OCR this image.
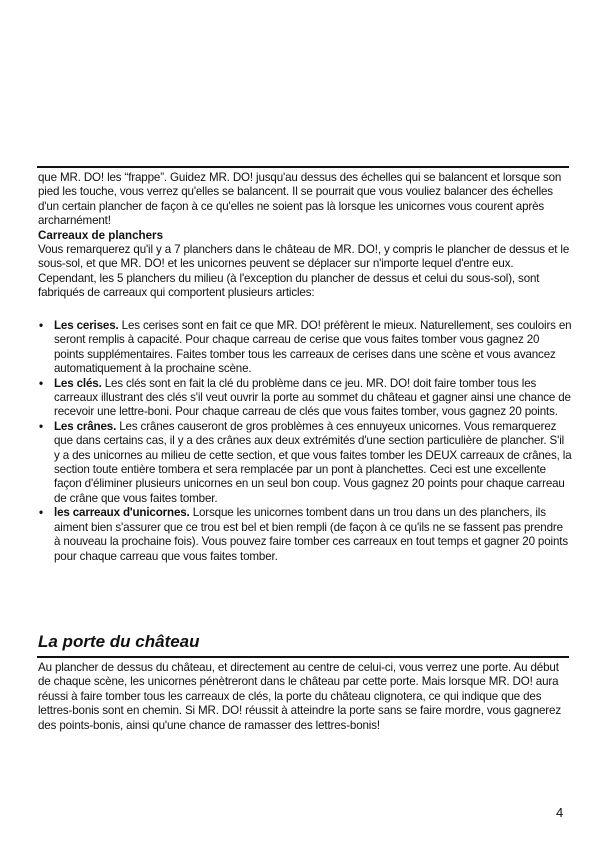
que MR. DO! les “frappe”. Guidez MR. DO! jusqu'au dessus des échelles qui se balancent et lorsque son pied les touche, vous verrez qu'elles se balancent. Il se pourrait que vous vouliez balancer des échelles d'un certain plancher de façon à ce qu'elles ne soient pas là lorsque les unicornes vous courent après archarnément!

Carreaux de planchers

Vous remarquerez qu'il y a 7 planchers dans le château de MR. DO!, y compris le plancher de dessus et le sous-sol, et que MR. DO! et les unicornes peuvent se déplacer sur n'importe lequel d'entre eux. Cependant, les 5 planchers du milieu (à l'exception du plancher de dessus et celui du sous-sol), sont fabriqués de carreaux qui comportent plusieurs articles:

• Les cerises. Les cerises sont en fait ce que MR. DO! préfèrent le mieux. Naturellement, ses couloirs en seront remplis à capacité. Pour chaque carreau de cerise que vous faites tomber vous gagnez 20 points supplémentaires. Faites tomber tous les carreaux de cerises dans une scène et vous avancez automatiquement à la prochaine scène.
• Les clés. Les clés sont en fait la clé du problème dans ce jeu. MR. DO! doit faire tomber tous les carreaux illustrant des clés s'il veut ouvrir la porte au sommet du château et gagner ainsi une chance de recevoir une lettre-boni. Pour chaque carreau de clés que vous faites tomber, vous gagnez 20 points.
• Les crânes. Les crânes causeront de gros problèmes à ces ennuyeux unicornes. Vous remarquerez que dans certains cas, il y a des crânes aux deux extrémités d'une section particulière de plancher. S'il y a des unicornes au milieu de cette section, et que vous faites tomber les DEUX carreaux de crânes, la section toute entière tombera et sera remplacée par un pont à planchettes. Ceci est une excellente façon d'éliminer plusieurs unicornes en un seul bon coup. Vous gagnez 20 points pour chaque carreau de crâne que vous faites tomber.
• les carreaux d'unicornes. Lorsque les unicornes tombent dans un trou dans un des planchers, ils aiment bien s'assurer que ce trou est bel et bien rempli (de façon à ce qu'ils ne se fassent pas prendre à nouveau la prochaine fois). Vous pouvez faire tomber ces carreaux en tout temps et gagner 20 points pour chaque carreau que vous faites tomber.
La porte du château

Au plancher de dessus du château, et directement au centre de celui-ci, vous verrez une porte. Au début de chaque scène, les unicornes pénètreront dans le château par cette porte. Mais lorsque MR. DO! aura réussi à faire tomber tous les carreaux de clés, la porte du château clignotera, ce qui indique que des lettres-bonis sont en chemin. Si MR. DO! réussit à atteindre la porte sans se faire mordre, vous gagnerez des points-bonis, ainsi qu'une chance de ramasser des lettres-bonis!

4
